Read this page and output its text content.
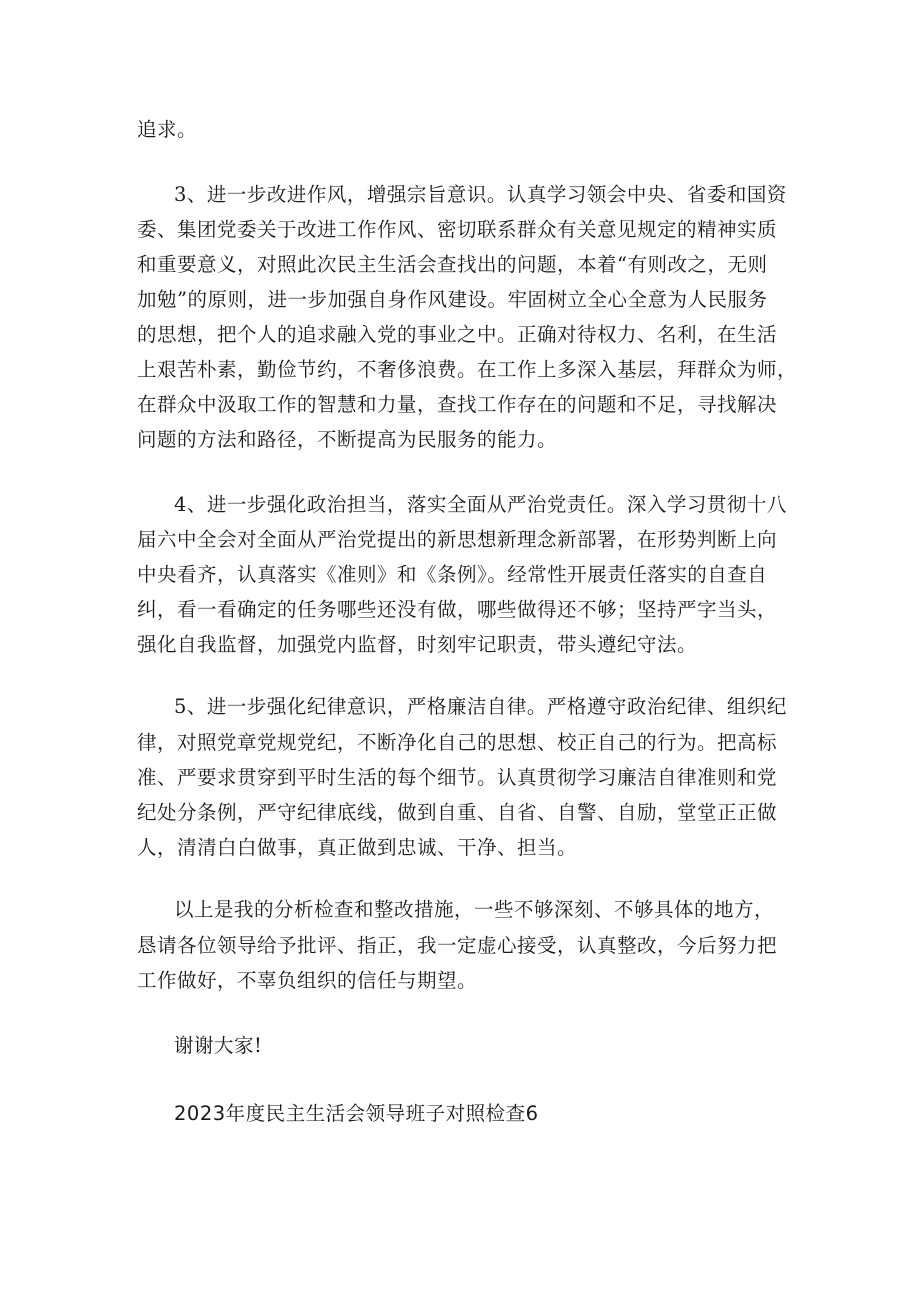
追求。
3、进一步改进作风，增强宗旨意识。认真学习领会中央、省委和国资
委、集团党委关于改进工作作风、密切联系群众有关意见规定的精神实质
和重要意义，对照此次民主生活会查找出的问题，本着“有则改之，无则
加勉”的原则，进一步加强自身作风建设。牢固树立全心全意为人民服务
的思想，把个人的追求融入党的事业之中。正确对待权力、名利，在生活
上艰苦朴素，勤俭节约，不奢侈浪费。在工作上多深入基层，拜群众为师，
在群众中汲取工作的智慧和力量，查找工作存在的问题和不足，寻找解决
问题的方法和路径，不断提高为民服务的能力。
4、进一步强化政治担当，落实全面从严治党责任。深入学习贯彻十八
届六中全会对全面从严治党提出的新思想新理念新部署，在形势判断上向
中央看齐，认真落实《准则》和《条例》。经常性开展责任落实的自查自
纠，看一看确定的任务哪些还没有做，哪些做得还不够；坚持严字当头，
强化自我监督，加强党内监督，时刻牢记职责，带头遵纪守法。
5、进一步强化纪律意识，严格廉洁自律。严格遵守政治纪律、组织纪
律，对照党章党规党纪，不断净化自己的思想、校正自己的行为。把高标
准、严要求贯穿到平时生活的每个细节。认真贯彻学习廉洁自律准则和党
纪处分条例，严守纪律底线，做到自重、自省、自警、自励，堂堂正正做
人，清清白白做事，真正做到忠诚、干净、担当。
以上是我的分析检查和整改措施，一些不够深刻、不够具体的地方，
恳请各位领导给予批评、指正，我一定虚心接受，认真整改，今后努力把
工作做好，不辜负组织的信任与期望。
谢谢大家!
2023年度民主生活会领导班子对照检查6
